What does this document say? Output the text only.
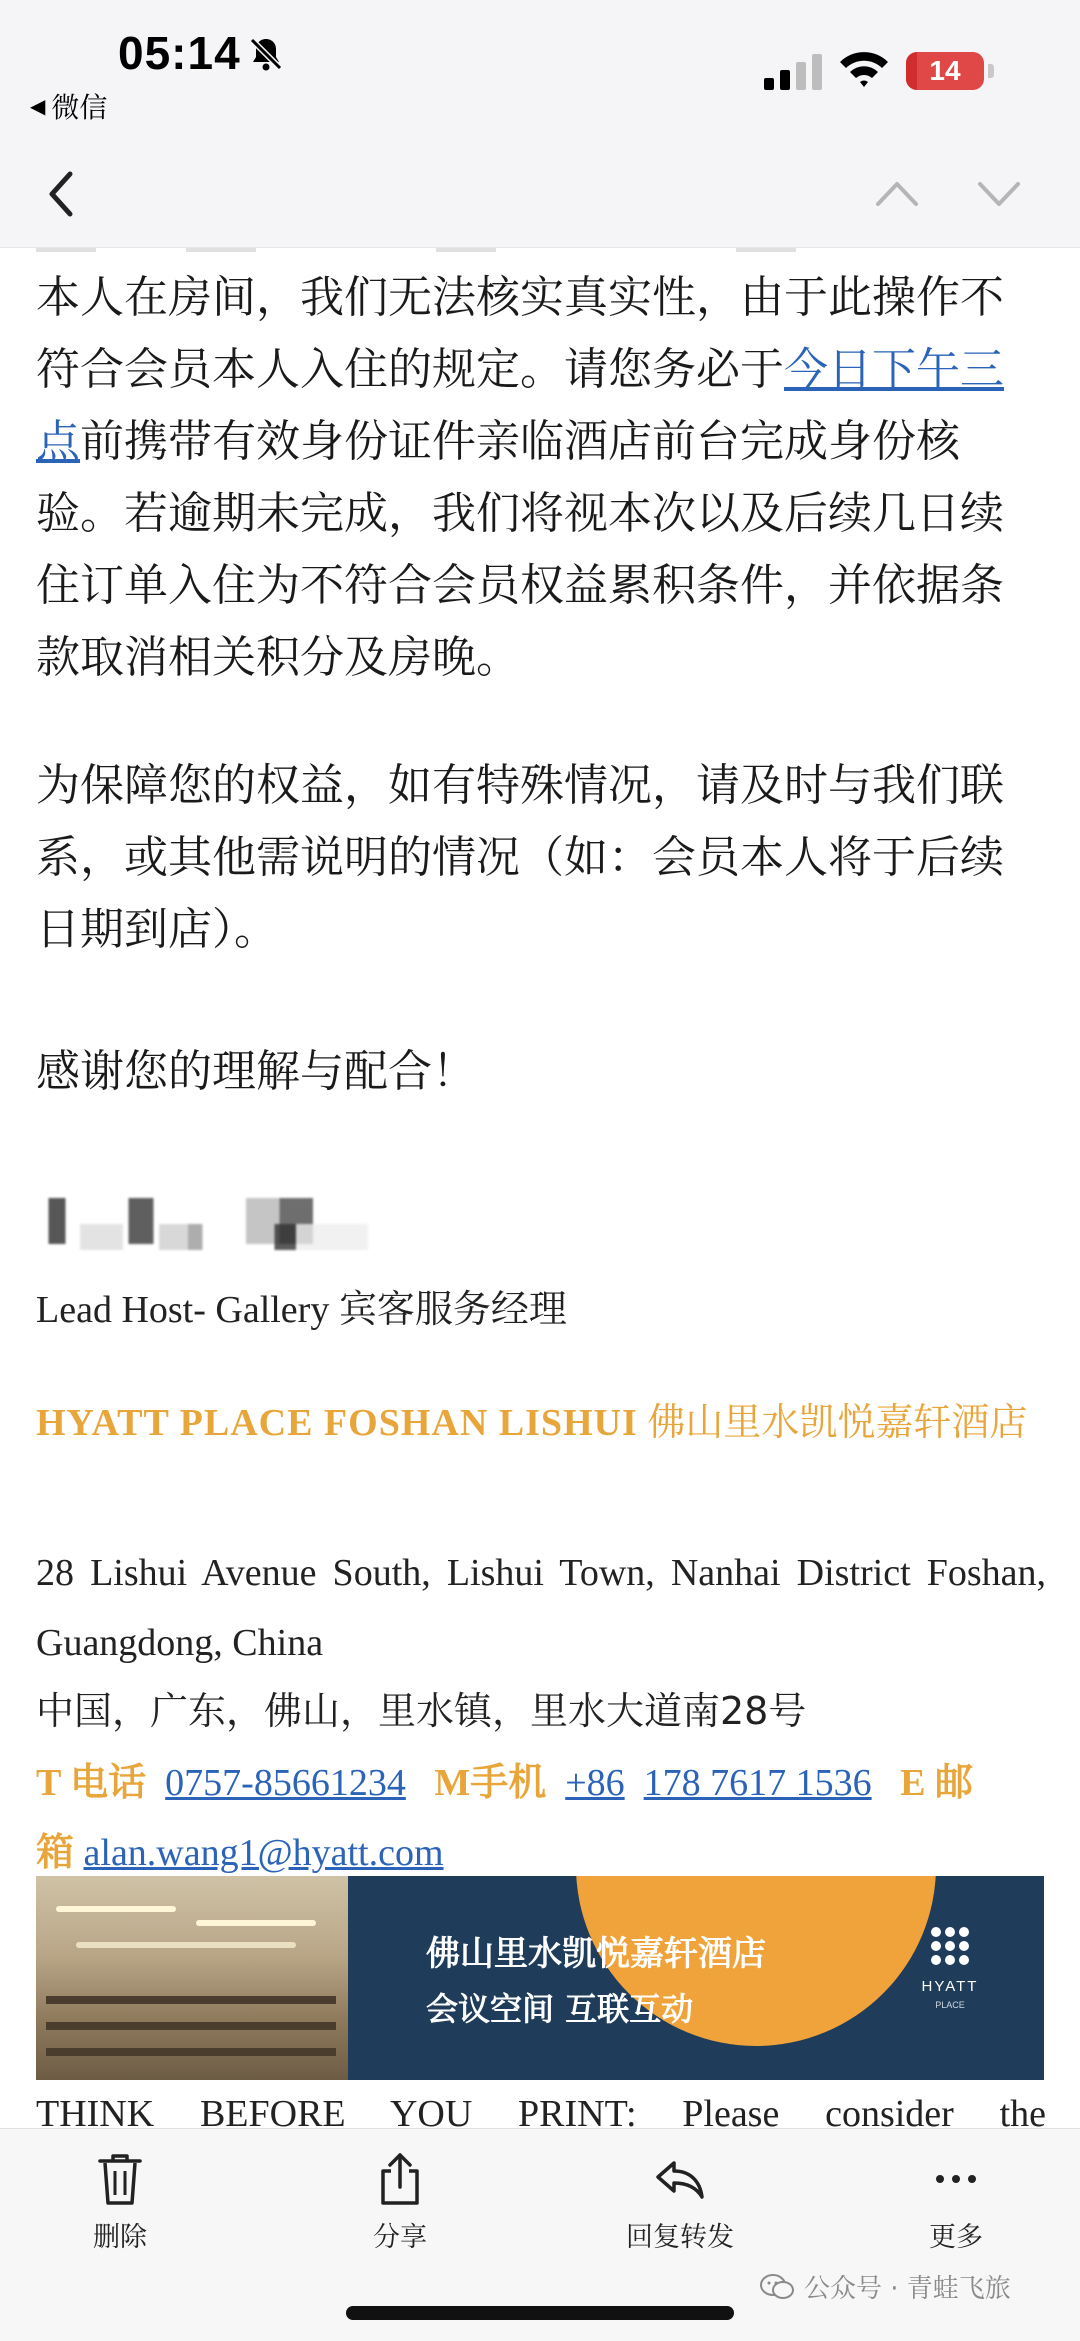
05:14
◀ 微信
14
本人在房间，我们无法核实真实性，由于此操作不符合会员本人入住的规定。请您务必于今日下午三点前携带有效身份证件亲临酒店前台完成身份核验。若逾期未完成，我们将视本次以及后续几日续住订单入住为不符合会员权益累积条件，并依据条款取消相关积分及房晚。
为保障您的权益，如有特殊情况，请及时与我们联系，或其他需说明的情况（如：会员本人将于后续日期到店）。
感谢您的理解与配合！
Lead Host- Gallery 宾客服务经理
HYATT PLACE FOSHAN LISHUI 佛山里水凯悦嘉轩酒店
28 Lishui Avenue South, Lishui Town, Nanhai District Foshan, Guangdong, China
中国，广东，佛山，里水镇，里水大道南28号
T 电话 0757-85661234 M手机 +86 178 7617 1536 E 邮箱 alan.wang1@hyatt.com
佛山里水凯悦嘉轩酒店
会议空间 互联互动
HYATT
PLACE
THINK BEFORE YOU PRINT: Please consider the
删除	分享	回复转发	更多
公众号 · 青蛙飞旅
